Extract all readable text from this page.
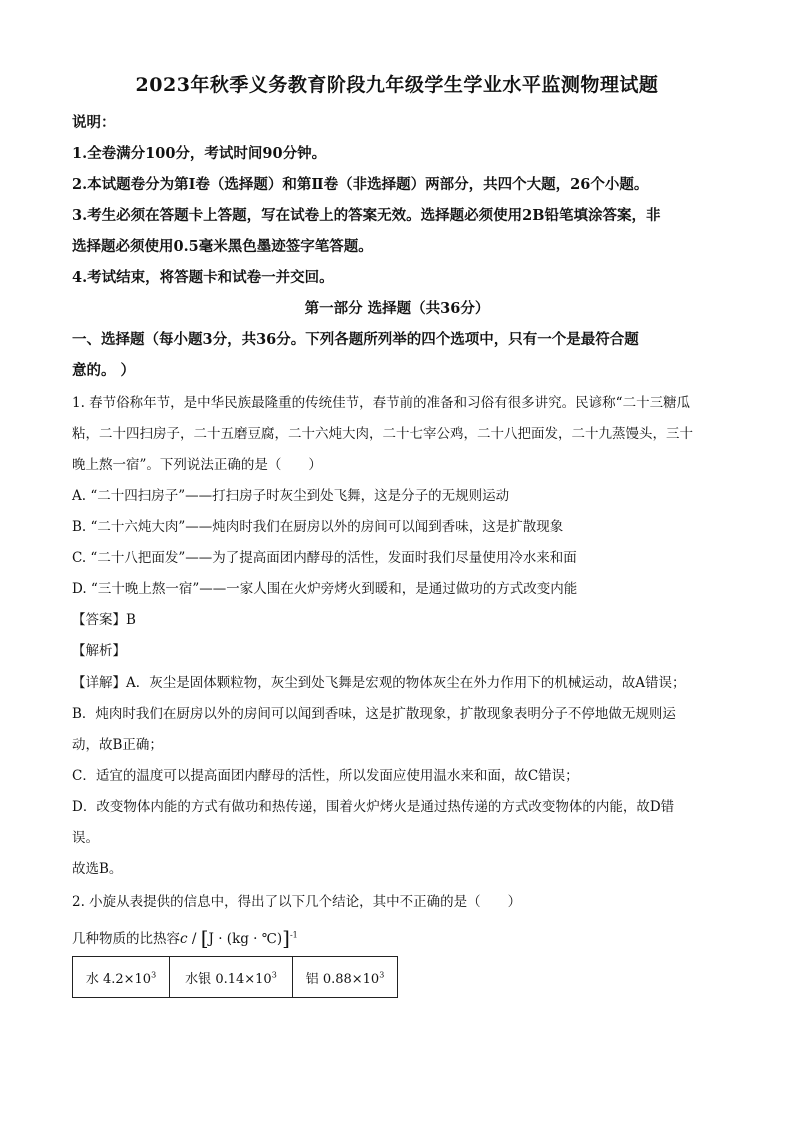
2023年秋季义务教育阶段九年级学生学业水平监测物理试题
说明：
1.全卷满分100分，考试时间90分钟。
2.本试题卷分为第Ⅰ卷（选择题）和第Ⅱ卷（非选择题）两部分，共四个大题，26个小题。
3.考生必须在答题卡上答题，写在试卷上的答案无效。选择题必须使用2B铅笔填涂答案，非
选择题必须使用0.5毫米黑色墨迹签字笔答题。
4.考试结束，将答题卡和试卷一并交回。
第一部分 选择题（共36分）
一、选择题（每小题3分，共36分。下列各题所列举的四个选项中，只有一个是最符合题
意的。 ）
1. 春节俗称年节，是中华民族最隆重的传统佳节，春节前的准备和习俗有很多讲究。民谚称“二十三糖瓜
粘，二十四扫房子，二十五磨豆腐，二十六炖大肉，二十七宰公鸡，二十八把面发，二十九蒸馒头，三十
晚上熬一宿”。下列说法正确的是（　　）
A. “二十四扫房子”——打扫房子时灰尘到处飞舞，这是分子的无规则运动
B. “二十六炖大肉”——炖肉时我们在厨房以外的房间可以闻到香味，这是扩散现象
C. “二十八把面发”——为了提高面团内酵母的活性，发面时我们尽量使用冷水来和面
D. “三十晚上熬一宿”——一家人围在火炉旁烤火到暖和，是通过做功的方式改变内能
【答案】B
【解析】
【详解】A．灰尘是固体颗粒物，灰尘到处飞舞是宏观的物体灰尘在外力作用下的机械运动，故A错误；
B．炖肉时我们在厨房以外的房间可以闻到香味，这是扩散现象，扩散现象表明分子不停地做无规则运
动，故B正确；
C．适宜的温度可以提高面团内酵母的活性，所以发面应使用温水来和面，故C错误；
D．改变物体内能的方式有做功和热传递，围着火炉烤火是通过热传递的方式改变物体的内能，故D错
误。
故选B。
2. 小旋从表提供的信息中，得出了以下几个结论，其中不正确的是（　　）
几种物质的比热容c / [J · (kg · ℃)]$^{-1}$
水 $4.2\times 10^3$	水银 $0.14\times 10^3$	铝 $0.88\times 10^3$
